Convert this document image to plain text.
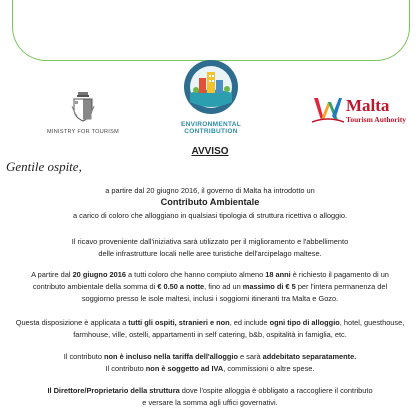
MINISTRY FOR TOURISM
ENVIRONMENTAL
CONTRIBUTION
Malta
Tourism Authority
AVVISO
Gentile ospite,
a partire dal 20 giugno 2016, il governo di Malta ha introdotto un
Contributo Ambientale
a carico di coloro che alloggiano in qualsiasi tipologia di struttura ricettiva o alloggio.
Il ricavo proveniente dall'iniziativa sarà utilizzato per il miglioramento e l'abbellimento
delle infrastrutture locali nelle aree turistiche dell'arcipelago maltese.
A partire dal 20 giugno 2016 a tutti coloro che hanno compiuto almeno 18 anni è richiesto il pagamento di un
contributo ambientale della somma di € 0.50 a notte, fino ad un massimo di € 5 per l'intera permanenza del
soggiorno presso le isole maltesi, inclusi i soggiorni itineranti tra Malta e Gozo.
Questa disposizione è applicata a tutti gli ospiti, stranieri e non, ed include ogni tipo di alloggio, hotel, guesthouse,
farmhouse, ville, ostelli, appartamenti in self catering, b&b, ospitalità in famiglia, etc.
Il contributo non è incluso nella tariffa dell'alloggio e sarà addebitato separatamente.
Il contributo non è soggetto ad IVA, commissioni o altre spese.
Il Direttore/Proprietario della struttura dove l'ospite alloggia è obbligato a raccogliere il contributo
e versare la somma agli uffici governativi.
